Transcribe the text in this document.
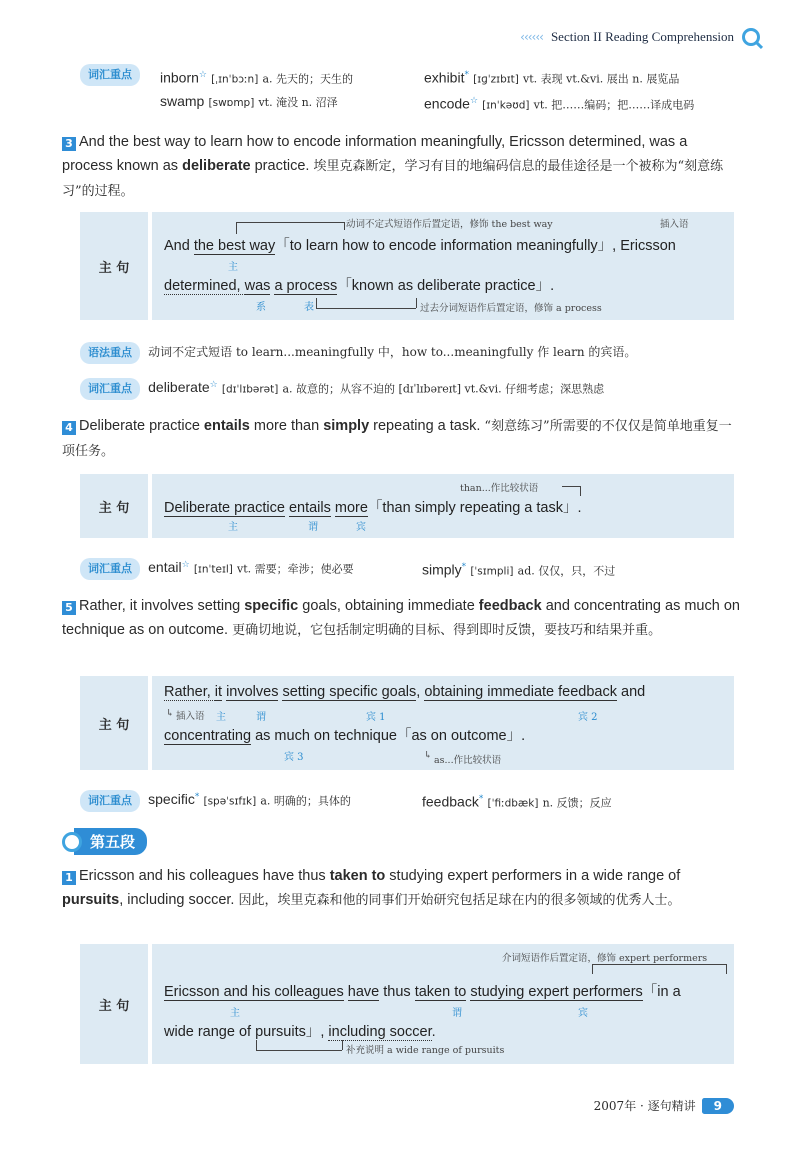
‹‹‹‹‹‹ Section II Reading Comprehension
词汇重点	inborn☆ [ˌɪnˈbɔːn] a. 先天的；天生的	exhibit* [ɪɡˈzɪbɪt] vt. 表现 vt.&vi. 展出 n. 展览品
swamp [swɒmp] vt. 淹没 n. 沼泽	encode☆ [ɪnˈkəʊd] vt. 把……编码；把……译成电码
3 And the best way to learn how to encode information meaningfully, Ericsson determined, was a process known as deliberate practice. 埃里克森断定，学习有目的地编码信息的最佳途径是一个被称为“刻意练习”的过程。
主 句
动词不定式短语作后置定语，修饰 the best way	插入语
And the best way「to learn how to encode information meaningfully」, Ericsson
主
determined, was a process「known as deliberate practice」.
系	表	过去分词短语作后置定语，修饰 a process
语法重点 动词不定式短语 to learn...meaningfully 中，how to...meaningfully 作 learn 的宾语。
词汇重点 deliberate☆ [dɪˈlɪbərət] a. 故意的；从容不迫的 [dɪˈlɪbəreɪt] vt.&vi. 仔细考虑；深思熟虑
4 Deliberate practice entails more than simply repeating a task. “刻意练习”所需要的不仅仅是简单地重复一项任务。
主 句
than...作比较状语
Deliberate practice entails more「than simply repeating a task」.
主	谓	宾
词汇重点 entail☆ [ɪnˈteɪl] vt. 需要；牵涉；使必要	simply* [ˈsɪmpli] ad. 仅仅，只，不过
5 Rather, it involves setting specific goals, obtaining immediate feedback and concentrating as much on technique as on outcome. 更确切地说，它包括制定明确的目标、得到即时反馈，要技巧和结果并重。
主 句
Rather, it involves setting specific goals, obtaining immediate feedback and
↳ 插入语 主	谓	宾 1	宾 2
concentrating as much on technique「as on outcome」.
宾 3	↳ as...作比较状语
词汇重点 specific* [spəˈsɪfɪk] a. 明确的；具体的	feedback* [ˈfiːdbæk] n. 反馈；反应
第五段
1 Ericsson and his colleagues have thus taken to studying expert performers in a wide range of pursuits, including soccer. 因此，埃里克森和他的同事们开始研究包括足球在内的很多领域的优秀人士。
主 句
介词短语作后置定语，修饰 expert performers
Ericsson and his colleagues have thus taken to studying expert performers「in a
主	谓	宾
wide range of pursuits」, including soccer.
补充说明 a wide range of pursuits
2007年 · 逐句精讲	9
